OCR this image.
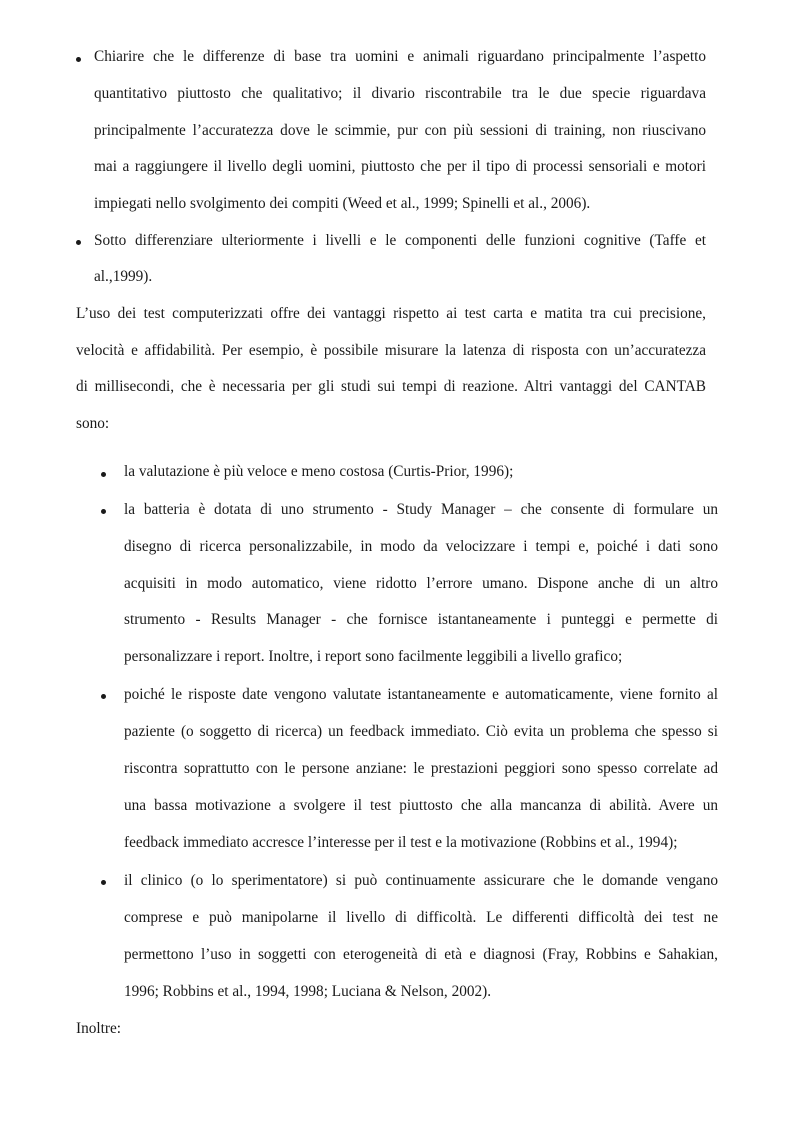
Chiarire che le differenze di base tra uomini e animali riguardano principalmente l’aspetto

quantitativo piuttosto che qualitativo; il divario riscontrabile tra le due specie riguardava

principalmente l’accuratezza dove le scimmie, pur con più sessioni di training, non riuscivano

mai a raggiungere il livello degli uomini, piuttosto che per il tipo di processi sensoriali e motori

impiegati nello svolgimento dei compiti (Weed et al., 1999; Spinelli et al., 2006).

Sotto differenziare ulteriormente i livelli e le componenti delle funzioni cognitive (Taffe et

al.,1999).

L’uso dei test computerizzati offre dei vantaggi rispetto ai test carta e matita tra cui precisione,

velocità e affidabilità. Per esempio, è possibile misurare la latenza di risposta con un’accuratezza

di millisecondi, che è necessaria per gli studi sui tempi di reazione. Altri vantaggi del CANTAB

sono:

la valutazione è più veloce e meno costosa (Curtis-Prior, 1996);

la batteria è dotata di uno strumento - Study Manager – che consente di formulare un

disegno di ricerca personalizzabile, in modo da velocizzare i tempi e, poiché i dati sono

acquisiti in modo automatico, viene ridotto l’errore umano. Dispone anche di un altro

strumento - Results Manager - che fornisce istantaneamente i punteggi e permette di

personalizzare i report. Inoltre, i report sono facilmente leggibili a livello grafico;

poiché le risposte date vengono valutate istantaneamente e automaticamente, viene fornito al

paziente (o soggetto di ricerca) un feedback immediato. Ciò evita un problema che spesso si

riscontra soprattutto con le persone anziane: le prestazioni peggiori sono spesso correlate ad

una bassa motivazione a svolgere il test piuttosto che alla mancanza di abilità. Avere un

feedback immediato accresce l’interesse per il test e la motivazione (Robbins et al., 1994);

il clinico (o lo sperimentatore) si può continuamente assicurare che le domande vengano

comprese e può manipolarne il livello di difficoltà. Le differenti difficoltà dei test ne

permettono l’uso in soggetti con eterogeneità di età e diagnosi (Fray, Robbins e Sahakian,

1996; Robbins et al., 1994, 1998; Luciana & Nelson, 2002).

Inoltre:
